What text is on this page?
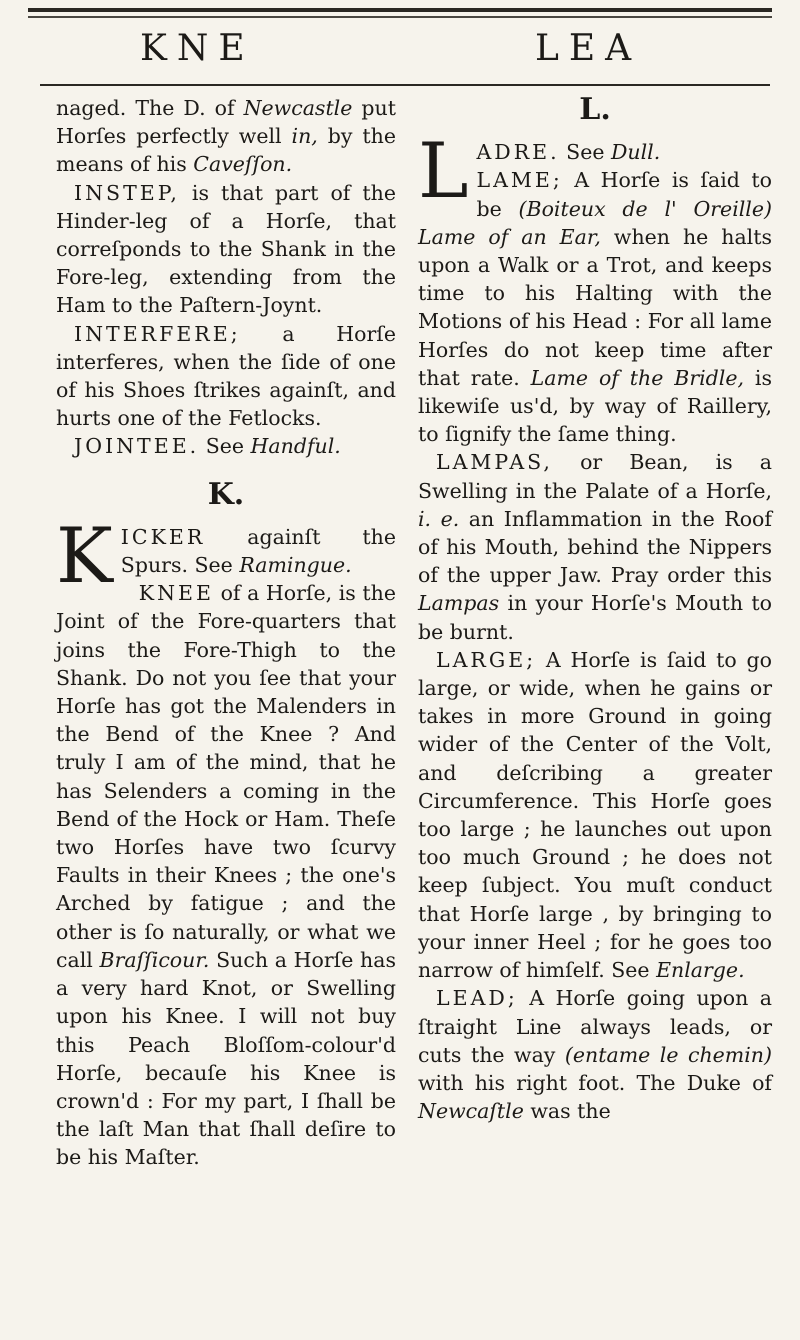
KNE	LEA

naged. The D. of Newcastle put Horſes perfectly well in, by the means of his Caveſſon.

INSTEP, is that part of the Hinder-leg of a Horſe, that correſponds to the Shank in the Fore-leg, extending from the Ham to the Paſtern-Joynt.

INTERFERE; a Horſe interferes, when the ſide of one of his Shoes ſtrikes againſt, and hurts one of the Fetlocks.

JOINTEE. See Handful.

K.

KICKER againſt the Spurs. See Ramingue.

KNEE of a Horſe, is the Joint of the Fore-quarters that joins the Fore-Thigh to the Shank. Do not you ſee that your Horſe has got the Malenders in the Bend of the Knee ? And truly I am of the mind, that he has Selenders a coming in the Bend of the Hock or Ham. Theſe two Horſes have two ſcurvy Faults in their Knees ; the one's Arched by fatigue ; and the other is ſo naturally, or what we call Braſſicour. Such a Horſe has a very hard Knot, or Swelling upon his Knee. I will not buy this Peach Bloſſom-colour'd Horſe, becauſe his Knee is crown'd : For my part, I ſhall be the laſt Man that ſhall deſire to be his Maſter.

L.

LADRE. See Dull.

LAME; A Horſe is ſaid to be (Boiteux de l' Oreille) Lame of an Ear, when he halts upon a Walk or a Trot, and keeps time to his Halting with the Motions of his Head : For all lame Horſes do not keep time after that rate. Lame of the Bridle, is likewiſe us'd, by way of Raillery, to ſignify the ſame thing.

LAMPAS, or Bean, is a Swelling in the Palate of a Horſe, i. e. an Inflammation in the Roof of his Mouth, behind the Nippers of the upper Jaw. Pray order this Lampas in your Horſe's Mouth to be burnt.

LARGE; A Horſe is ſaid to go large, or wide, when he gains or takes in more Ground in going wider of the Center of the Volt, and deſcribing a greater Circumference. This Horſe goes too large ; he launches out upon too much Ground ; he does not keep ſubject. You muſt conduct that Horſe large , by bringing to your inner Heel ; for he goes too narrow of himſelf. See Enlarge.

LEAD; A Horſe going upon a ſtraight Line always leads, or cuts the way (entame le chemin) with his right foot. The Duke of Newcaſtle was the
